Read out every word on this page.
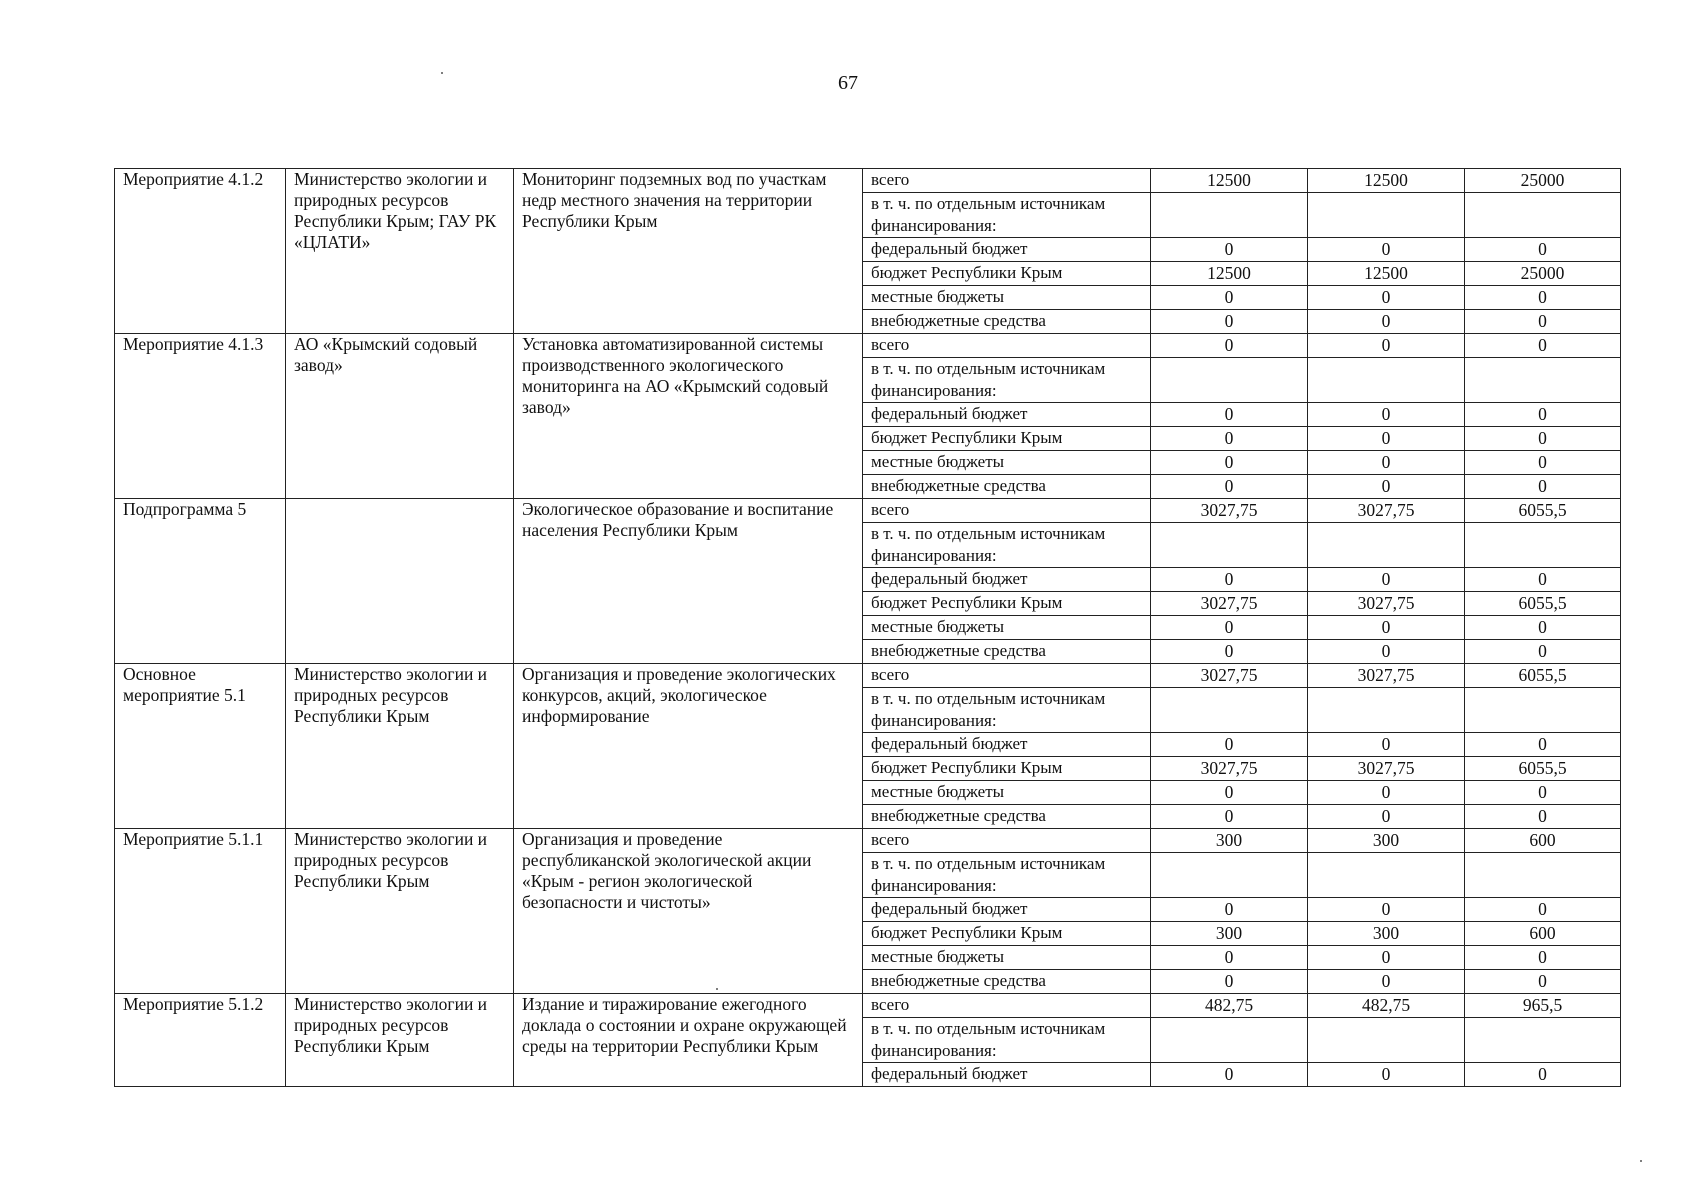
67
Мероприятие 4.1.2	Министерство экологии и природных ресурсов Республики Крым; ГАУ РК «ЦЛАТИ»	Мониторинг подземных вод по участкам недр местного значения на территории Республики Крым	всего	12500	12500	25000
			в т. ч. по отдельным источникам финансирования:			
			федеральный бюджет	0	0	0
			бюджет Республики Крым	12500	12500	25000
			местные бюджеты	0	0	0
			внебюджетные средства	0	0	0
Мероприятие 4.1.3	АО «Крымский содовый завод»	Установка автоматизированной системы производственного экологического мониторинга на АО «Крымский содовый завод»	всего	0	0	0
			в т. ч. по отдельным источникам финансирования:			
			федеральный бюджет	0	0	0
			бюджет Республики Крым	0	0	0
			местные бюджеты	0	0	0
			внебюджетные средства	0	0	0
Подпрограмма 5		Экологическое образование и воспитание населения Республики Крым	всего	3027,75	3027,75	6055,5
			в т. ч. по отдельным источникам финансирования:			
			федеральный бюджет	0	0	0
			бюджет Республики Крым	3027,75	3027,75	6055,5
			местные бюджеты	0	0	0
			внебюджетные средства	0	0	0
Основное мероприятие 5.1	Министерство экологии и природных ресурсов Республики Крым	Организация и проведение экологических конкурсов, акций, экологическое информирование	всего	3027,75	3027,75	6055,5
			в т. ч. по отдельным источникам финансирования:			
			федеральный бюджет	0	0	0
			бюджет Республики Крым	3027,75	3027,75	6055,5
			местные бюджеты	0	0	0
			внебюджетные средства	0	0	0
Мероприятие 5.1.1	Министерство экологии и природных ресурсов Республики Крым	Организация и проведение республиканской экологической акции «Крым - регион экологической безопасности и чистоты»	всего	300	300	600
			в т. ч. по отдельным источникам финансирования:			
			федеральный бюджет	0	0	0
			бюджет Республики Крым	300	300	600
			местные бюджеты	0	0	0
			внебюджетные средства	0	0	0
Мероприятие 5.1.2	Министерство экологии и природных ресурсов Республики Крым	Издание и тиражирование ежегодного доклада о состоянии и охране окружающей среды на территории Республики Крым	всего	482,75	482,75	965,5
			в т. ч. по отдельным источникам финансирования:			
			федеральный бюджет	0	0	0
